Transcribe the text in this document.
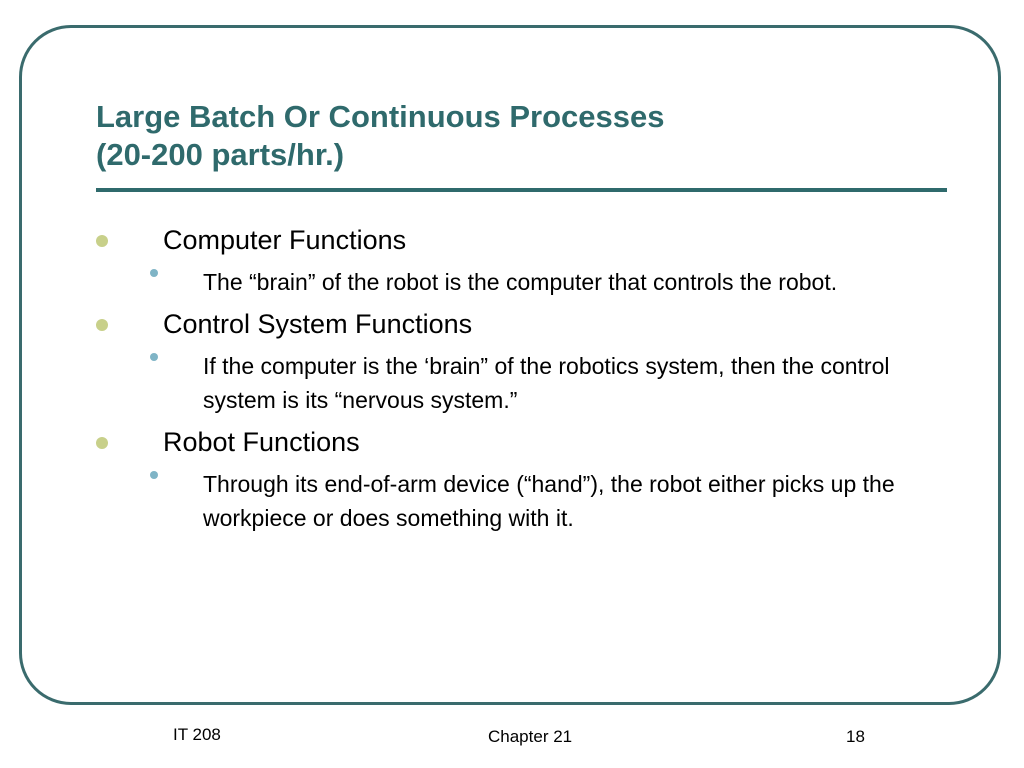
Large Batch Or Continuous Processes
(20-200 parts/hr.)
Computer Functions
The “brain” of the robot is the computer that controls the robot.
Control System Functions
If the computer is the ‘brain” of the robotics system, then the control system is its “nervous system.”
Robot Functions
Through its end-of-arm device (“hand”), the robot either picks up the workpiece or does something with it.
IT 208	Chapter 21	18
